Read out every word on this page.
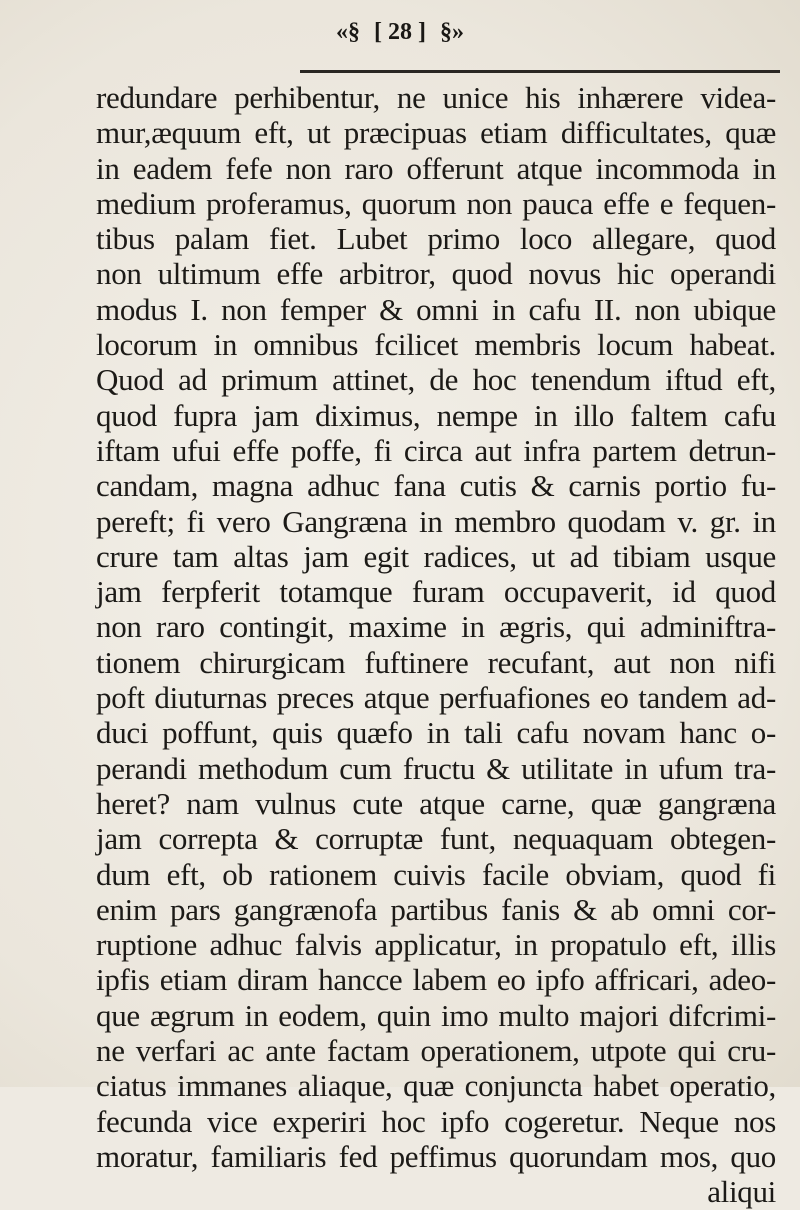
«§ [ 28 ] §»
redundare perhibentur, ne unice his inhærere videa-
mur,æquum eft, ut præcipuas etiam difficultates, quæ
in eadem fefe non raro offerunt atque incommoda in
medium proferamus, quorum non pauca effe e fequen-
tibus palam fiet. Lubet primo loco allegare, quod
non ultimum effe arbitror, quod novus hic operandi
modus I. non femper & omni in cafu II. non ubique
locorum in omnibus fcilicet membris locum habeat.
Quod ad primum attinet, de hoc tenendum iftud eft,
quod fupra jam diximus, nempe in illo faltem cafu
iftam ufui effe poffe, fi circa aut infra partem detrun-
candam, magna adhuc fana cutis & carnis portio fu-
pereft; fi vero Gangræna in membro quodam v. gr. in
crure tam altas jam egit radices, ut ad tibiam usque
jam ferpferit totamque furam occupaverit, id quod
non raro contingit, maxime in ægris, qui adminiftra-
tionem chirurgicam fuftinere recufant, aut non nifi
poft diuturnas preces atque perfuafiones eo tandem ad-
duci poffunt, quis quæfo in tali cafu novam hanc o-
perandi methodum cum fructu & utilitate in ufum tra-
heret? nam vulnus cute atque carne, quæ gangræna
jam correpta & corruptæ funt, nequaquam obtegen-
dum eft, ob rationem cuivis facile obviam, quod fi
enim pars gangrænofa partibus fanis & ab omni cor-
ruptione adhuc falvis applicatur, in propatulo eft, illis
ipfis etiam diram hancce labem eo ipfo affricari, adeo-
que ægrum in eodem, quin imo multo majori difcrimi-
ne verfari ac ante factam operationem, utpote qui cru-
ciatus immanes aliaque, quæ conjuncta habet operatio,
fecunda vice experiri hoc ipfo cogeretur. Neque nos
moratur, familiaris fed peffimus quorundam mos, quo
aliqui
